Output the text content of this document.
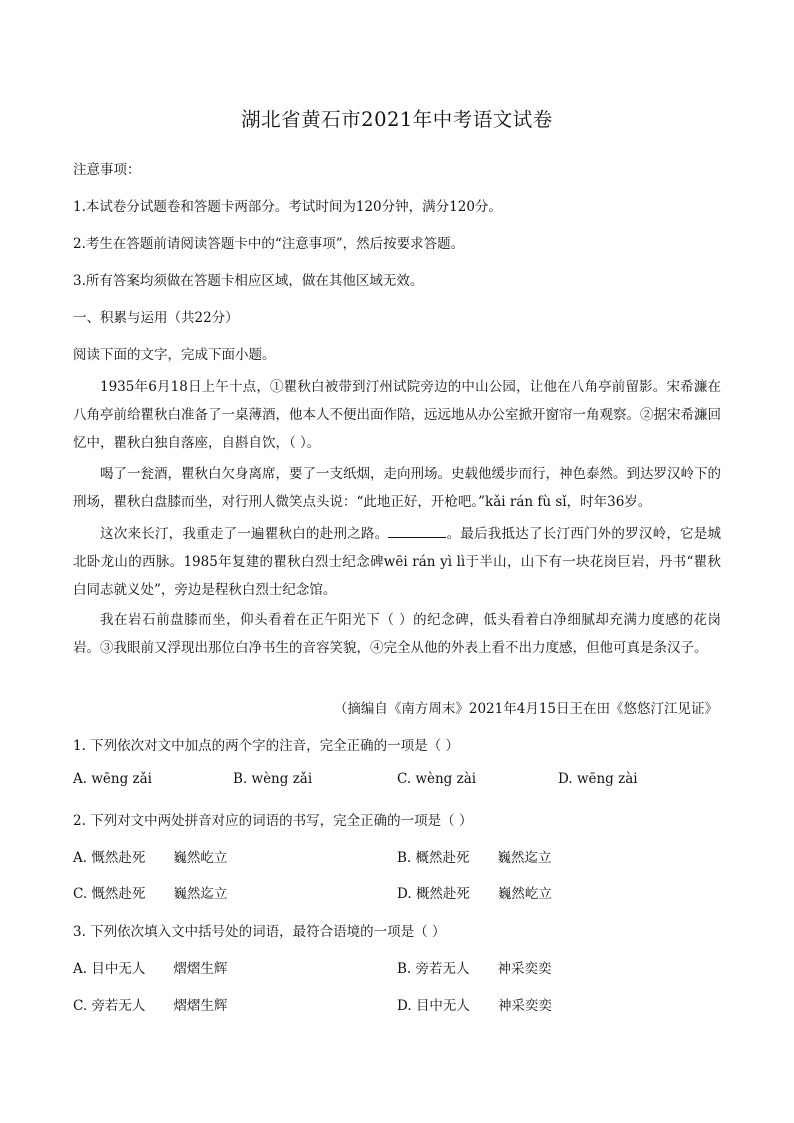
湖北省黄石市2021年中考语文试卷
注意事项：
1.本试卷分试题卷和答题卡两部分。考试时间为120分钟，满分120分。
2.考生在答题前请阅读答题卡中的“注意事项”，然后按要求答题。
3.所有答案均须做在答题卡相应区域，做在其他区域无效。
一、积累与运用（共22分）
阅读下面的文字，完成下面小题。
1935年6月18日上午十点，①瞿秋白被带到汀州试院旁边的中山公园，让他在八角亭前留影。宋希濂在八角亭前给瞿秋白准备了一桌薄酒，他本人不便出面作陪，远远地从办公室掀开窗帘一角观察。②据宋希濂回忆中，瞿秋白独自落座，自斟自饮，（ ）。
喝了一瓮酒，瞿秋白欠身离席，要了一支纸烟，走向刑场。史载他缓步而行，神色泰然。到达罗汉岭下的刑场，瞿秋白盘膝而坐，对行刑人微笑点头说：“此地正好，开枪吧。”kǎi rán fù sǐ，时年36岁。
这次来长汀，我重走了一遍瞿秋白的赴刑之路。	。最后我抵达了长汀西门外的罗汉岭，它是城北卧龙山的西脉。1985年复建的瞿秋白烈士纪念碑wēi rán yì lì于半山，山下有一块花岗巨岩，丹书“瞿秋白同志就义处”，旁边是程秋白烈士纪念馆。
我在岩石前盘膝而坐，仰头看着在正午阳光下（ ）的纪念碑，低头看着白净细腻却充满力度感的花岗岩。③我眼前又浮现出那位白净书生的音容笑貌，④完全从他的外表上看不出力度感，但他可真是条汉子。
（摘编自《南方周末》2021年4月15日王在田《悠悠汀江见证》
1. 下列依次对文中加点的两个字的注音，完全正确的一项是（ ）
A. wēng zǎi	B. wèng zǎi	C. wèng zài	D. wēng zài
2. 下列对文中两处拼音对应的词语的书写，完全正确的一项是（ ）
A. 慨然赴死 巍然屹立	B. 概然赴死 巍然迄立
C. 慨然赴死 巍然迄立	D. 概然赴死 巍然屹立
3. 下列依次填入文中括号处的词语，最符合语境的一项是（ ）
A. 目中无人 熠熠生辉	B. 旁若无人 神采奕奕
C. 旁若无人 熠熠生辉	D. 目中无人 神采奕奕
